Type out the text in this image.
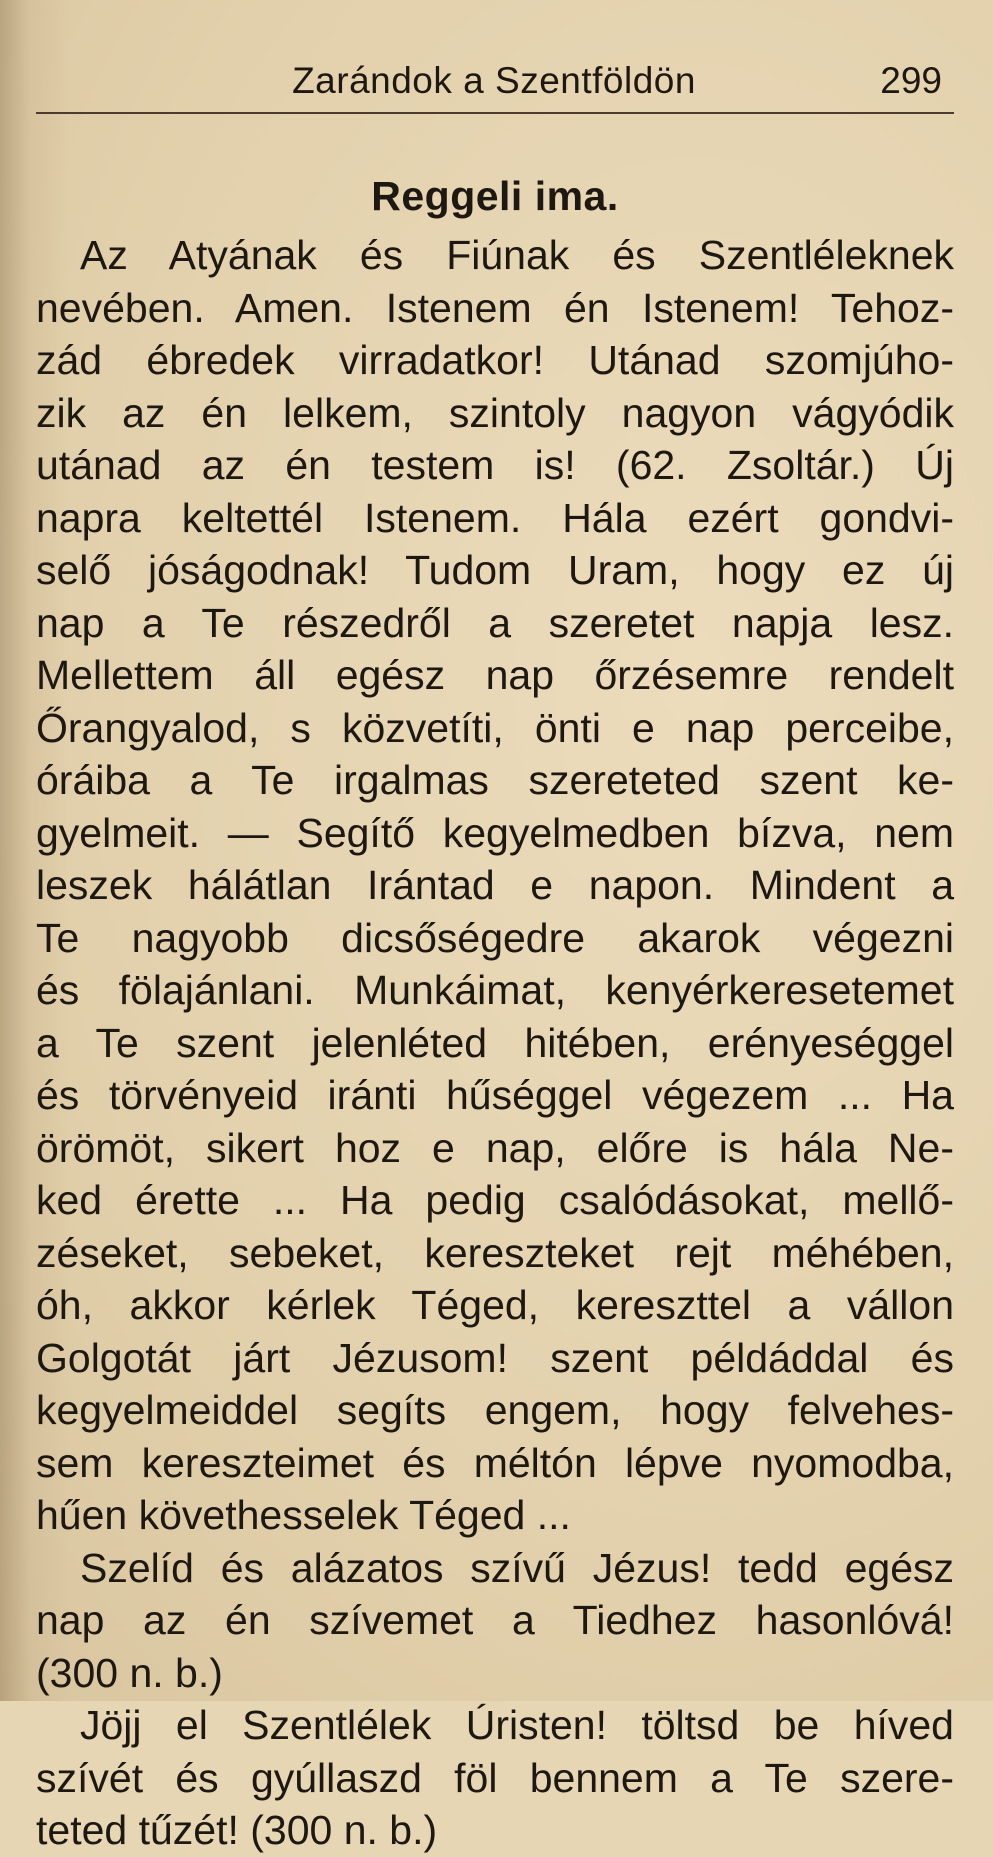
Zarándok a Szentföldön	299
Reggeli ima.
Az Atyának és Fiúnak és Szentléleknek
nevében. Amen. Istenem én Istenem! Tehoz-
zád ébredek virradatkor! Utánad szomjúho-
zik az én lelkem, szintoly nagyon vágyódik
utánad az én testem is! (62. Zsoltár.) Új
napra keltettél Istenem. Hála ezért gondvi-
selő jóságodnak! Tudom Uram, hogy ez új
nap a Te részedről a szeretet napja lesz.
Mellettem áll egész nap őrzésemre rendelt
Őrangyalod, s közvetíti, önti e nap perceibe,
óráiba a Te irgalmas szereteted szent ke-
gyelmeit. — Segítő kegyelmedben bízva, nem
leszek hálátlan Irántad e napon. Mindent a
Te nagyobb dicsőségedre akarok végezni
és fölajánlani. Munkáimat, kenyérkeresetemet
a Te szent jelenléted hitében, erényeséggel
és törvényeid iránti hűséggel végezem ... Ha
örömöt, sikert hoz e nap, előre is hála Ne-
ked érette ... Ha pedig csalódásokat, mellő-
zéseket, sebeket, kereszteket rejt méhében,
óh, akkor kérlek Téged, kereszttel a vállon
Golgotát járt Jézusom! szent példáddal és
kegyelmeiddel segíts engem, hogy felvehes-
sem kereszteimet és méltón lépve nyomodba,
hűen követhesselek Téged ...
Szelíd és alázatos szívű Jézus! tedd egész
nap az én szívemet a Tiedhez hasonlóvá!
(300 n. b.)
Jöjj el Szentlélek Úristen! töltsd be híved
szívét és gyúllaszd föl bennem a Te szere-
teted tűzét! (300 n. b.)
